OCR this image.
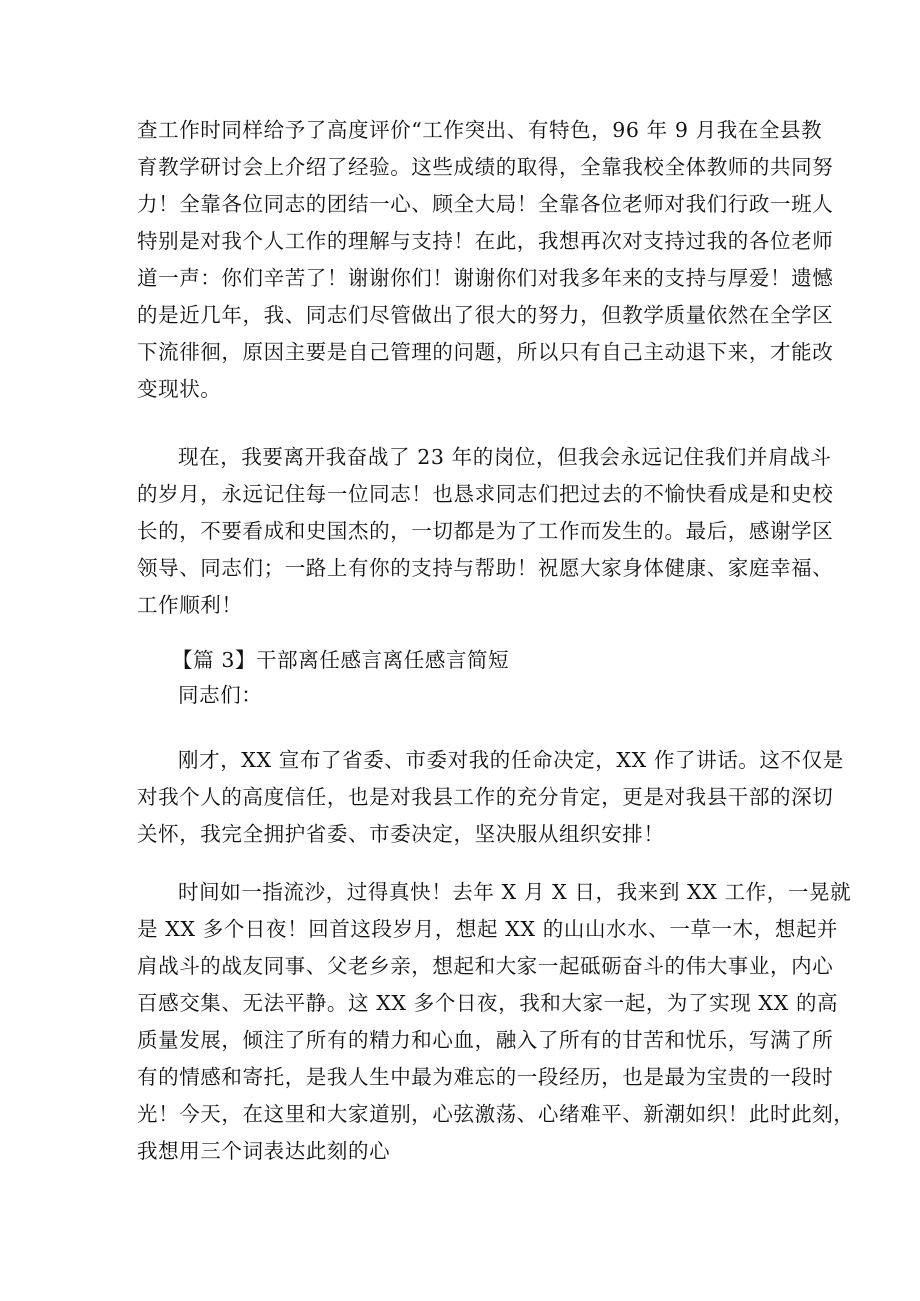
查工作时同样给予了高度评价“工作突出、有特色，96 年 9 月我在全县教
育教学研讨会上介绍了经验。这些成绩的取得，全靠我校全体教师的共同努
力！全靠各位同志的团结一心、顾全大局！全靠各位老师对我们行政一班人
特别是对我个人工作的理解与支持！在此，我想再次对支持过我的各位老师
道一声：你们辛苦了！谢谢你们！谢谢你们对我多年来的支持与厚爱！遗憾
的是近几年，我、同志们尽管做出了很大的努力，但教学质量依然在全学区
下流徘徊，原因主要是自己管理的问题，所以只有自己主动退下来，才能改
变现状。
现在，我要离开我奋战了 23 年的岗位，但我会永远记住我们并肩战斗
的岁月，永远记住每一位同志！也恳求同志们把过去的不愉快看成是和史校
长的，不要看成和史国杰的，一切都是为了工作而发生的。最后，感谢学区
领导、同志们；一路上有你的支持与帮助！祝愿大家身体健康、家庭幸福、
工作顺利！
【篇 3】干部离任感言离任感言简短
同志们：
刚才，XX 宣布了省委、市委对我的任命决定，XX 作了讲话。这不仅是
对我个人的高度信任，也是对我县工作的充分肯定，更是对我县干部的深切
关怀，我完全拥护省委、市委决定，坚决服从组织安排！
时间如一指流沙，过得真快！去年 X 月 X 日，我来到 XX 工作，一晃就
是 XX 多个日夜！回首这段岁月，想起 XX 的山山水水、一草一木，想起并
肩战斗的战友同事、父老乡亲，想起和大家一起砥砺奋斗的伟大事业，内心
百感交集、无法平静。这 XX 多个日夜，我和大家一起，为了实现 XX 的高
质量发展，倾注了所有的精力和心血，融入了所有的甘苦和忧乐，写满了所
有的情感和寄托，是我人生中最为难忘的一段经历，也是最为宝贵的一段时
光！今天，在这里和大家道别，心弦激荡、心绪难平、新潮如织！此时此刻，
我想用三个词表达此刻的心
